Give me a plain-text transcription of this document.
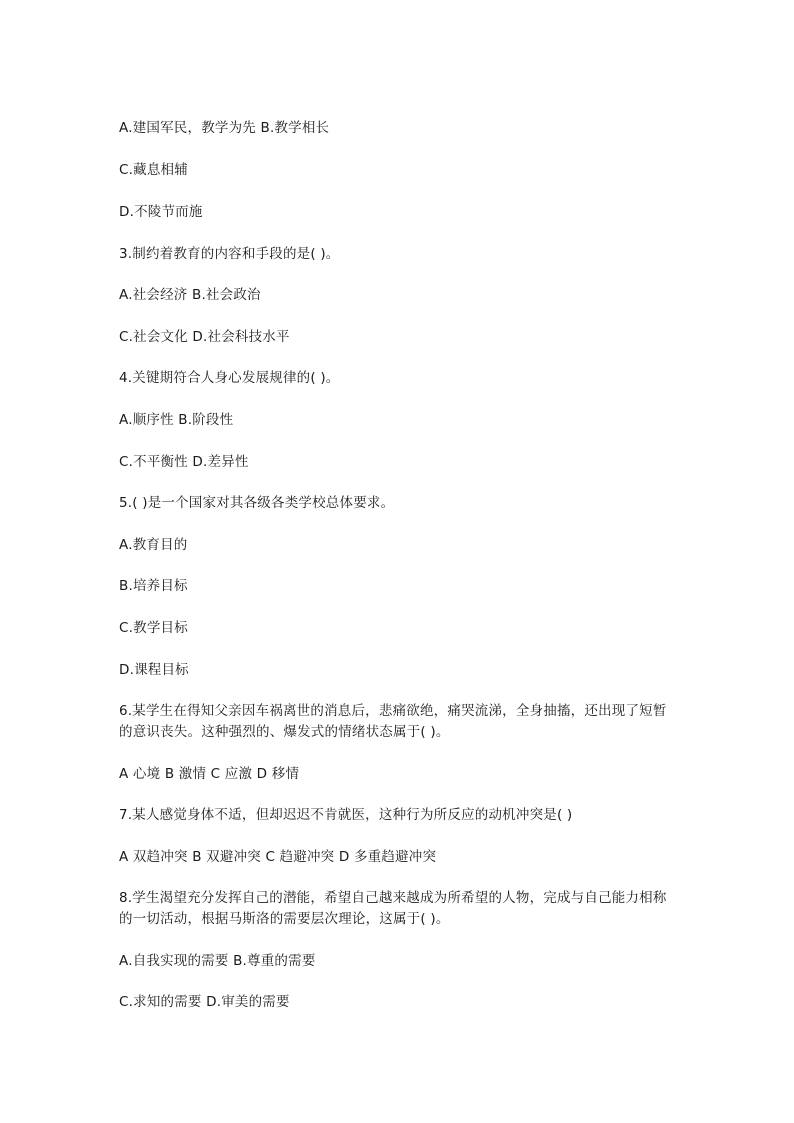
A.建国军民，教学为先 B.教学相长
C.藏息相辅
D.不陵节而施
3.制约着教育的内容和手段的是( )。
A.社会经济 B.社会政治
C.社会文化 D.社会科技水平
4.关键期符合人身心发展规律的( )。
A.顺序性 B.阶段性
C.不平衡性 D.差异性
5.( )是一个国家对其各级各类学校总体要求。
A.教育目的
B.培养目标
C.教学目标
D.课程目标
6.某学生在得知父亲因车祸离世的消息后，悲痛欲绝，痛哭流涕，全身抽搐，还出现了短暂的意识丧失。这种强烈的、爆发式的情绪状态属于( )。
A 心境 B 激情 C 应激 D 移情
7.某人感觉身体不适，但却迟迟不肯就医，这种行为所反应的动机冲突是( )
A 双趋冲突 B 双避冲突 C 趋避冲突 D 多重趋避冲突
8.学生渴望充分发挥自己的潜能，希望自己越来越成为所希望的人物，完成与自己能力相称的一切活动，根据马斯洛的需要层次理论，这属于( )。
A.自我实现的需要 B.尊重的需要
C.求知的需要 D.审美的需要
